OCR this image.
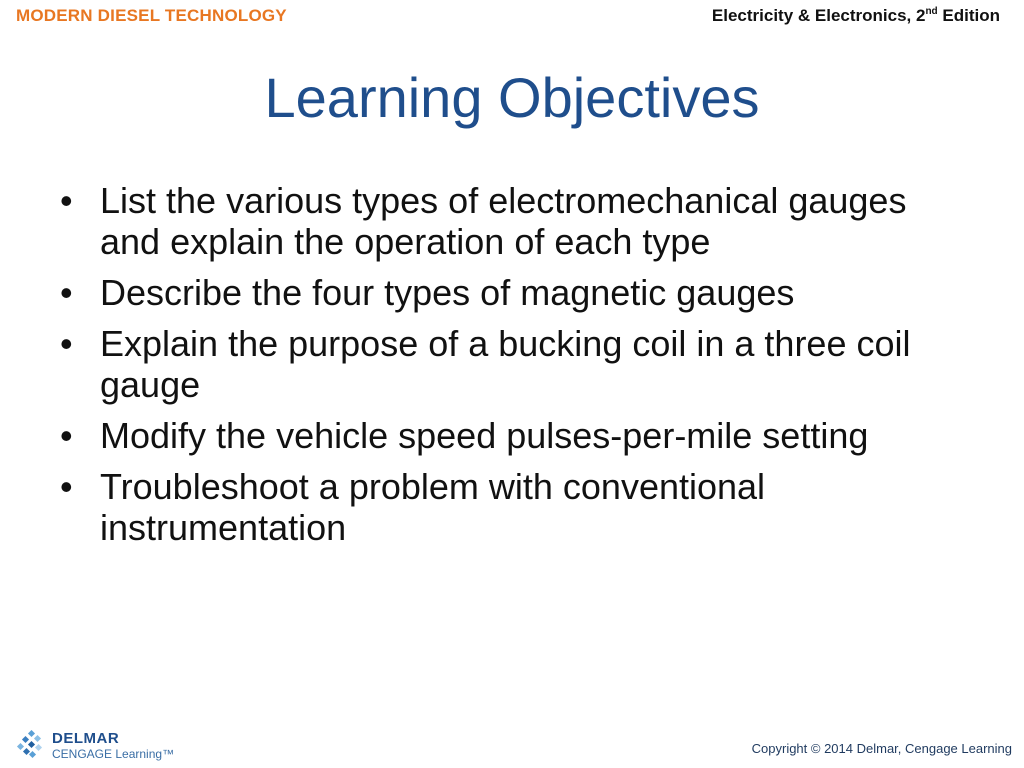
MODERN DIESEL TECHNOLOGY	Electricity & Electronics, 2nd Edition
Learning Objectives
• List the various types of electromechanical gauges and explain the operation of each type
• Describe the four types of magnetic gauges
• Explain the purpose of a bucking coil in a three coil gauge
• Modify the vehicle speed pulses-per-mile setting
• Troubleshoot a problem with conventional instrumentation
DELMAR
CENGAGE Learning™	Copyright © 2014 Delmar, Cengage Learning
